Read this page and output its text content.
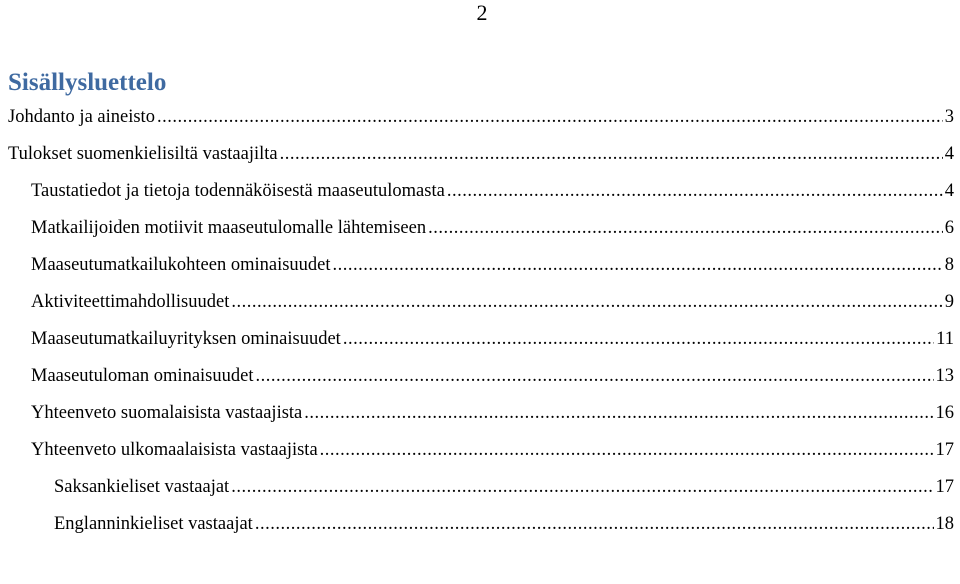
2
Sisällysluettelo
Johdanto ja aineisto .....	3
Tulokset suomenkielisiltä vastaajilta .....	4
Taustatiedot ja tietoja todennäköisestä maaseutulomasta .....	4
Matkailijoiden motiivit maaseutulomalle lähtemiseen .....	6
Maaseutumatkailukohteen ominaisuudet .....	8
Aktiviteettimahdollisuudet .....	9
Maaseutumatkailuyrityksen ominaisuudet .....	11
Maaseutuloman ominaisuudet .....	13
Yhteenveto suomalaisista vastaajista .....	16
Yhteenveto ulkomaalaisista vastaajista .....	17
Saksankieliset vastaajat .....	17
Englanninkieliset vastaajat .....	18
